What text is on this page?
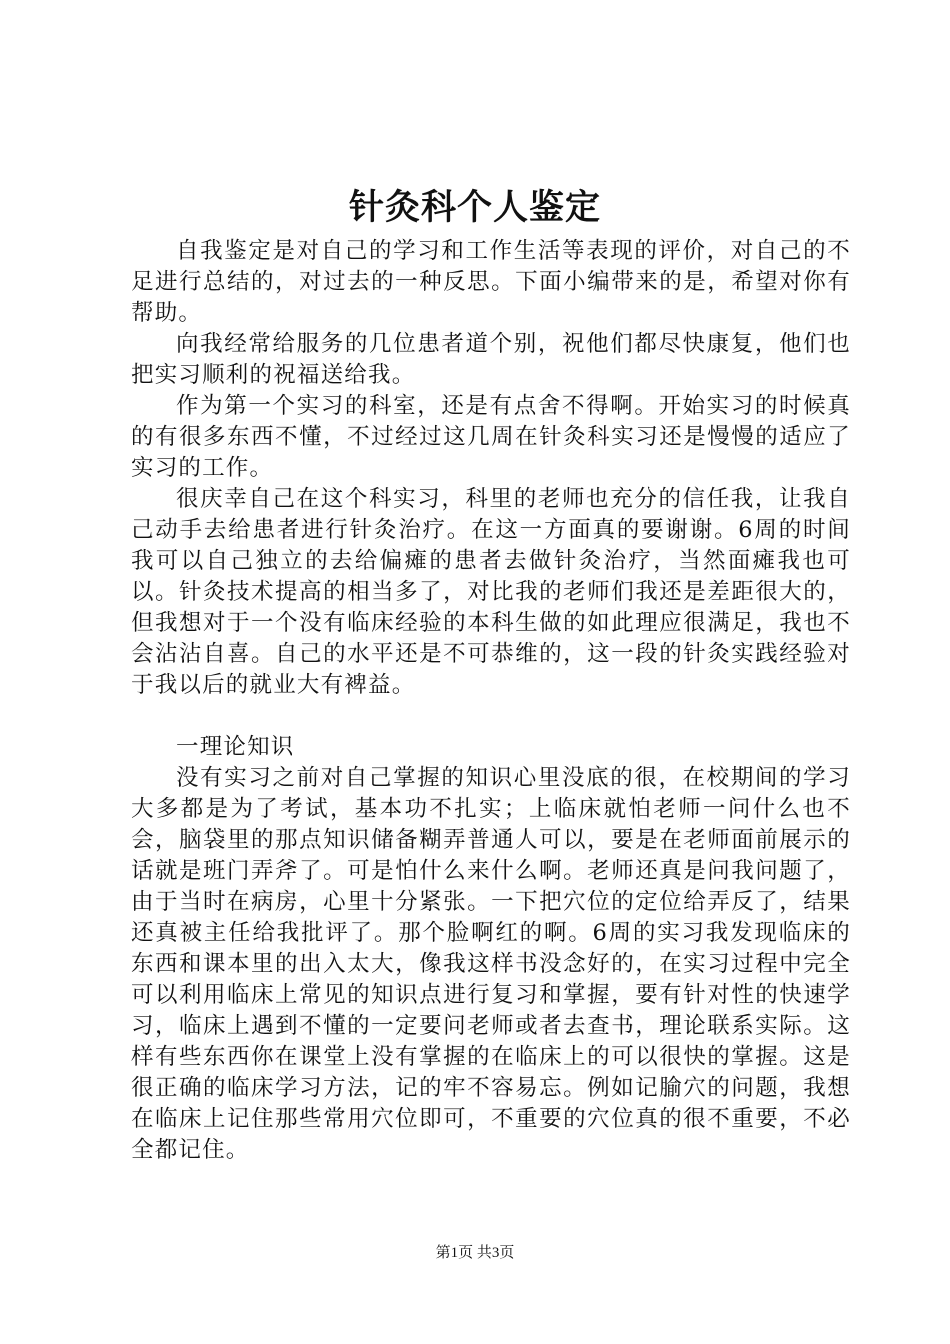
针灸科个人鉴定

自我鉴定是对自己的学习和工作生活等表现的评价，对自己的不足进行总结的，对过去的一种反思。下面小编带来的是，希望对你有帮助。

向我经常给服务的几位患者道个别，祝他们都尽快康复，他们也把实习顺利的祝福送给我。

作为第一个实习的科室，还是有点舍不得啊。开始实习的时候真的有很多东西不懂，不过经过这几周在针灸科实习还是慢慢的适应了实习的工作。

很庆幸自己在这个科实习，科里的老师也充分的信任我，让我自己动手去给患者进行针灸治疗。在这一方面真的要谢谢。6周的时间我可以自己独立的去给偏瘫的患者去做针灸治疗，当然面瘫我也可以。针灸技术提高的相当多了，对比我的老师们我还是差距很大的，但我想对于一个没有临床经验的本科生做的如此理应很满足，我也不会沾沾自喜。自己的水平还是不可恭维的，这一段的针灸实践经验对于我以后的就业大有裨益。

一理论知识

没有实习之前对自己掌握的知识心里没底的很，在校期间的学习大多都是为了考试，基本功不扎实；上临床就怕老师一问什么也不会，脑袋里的那点知识储备糊弄普通人可以，要是在老师面前展示的话就是班门弄斧了。可是怕什么来什么啊。老师还真是问我问题了，由于当时在病房，心里十分紧张。一下把穴位的定位给弄反了，结果还真被主任给我批评了。那个脸啊红的啊。6周的实习我发现临床的东西和课本里的出入太大，像我这样书没念好的，在实习过程中完全可以利用临床上常见的知识点进行复习和掌握，要有针对性的快速学习，临床上遇到不懂的一定要问老师或者去查书，理论联系实际。这样有些东西你在课堂上没有掌握的在临床上的可以很快的掌握。这是很正确的临床学习方法，记的牢不容易忘。例如记腧穴的问题，我想在临床上记住那些常用穴位即可，不重要的穴位真的很不重要，不必全都记住。

第1页 共3页
